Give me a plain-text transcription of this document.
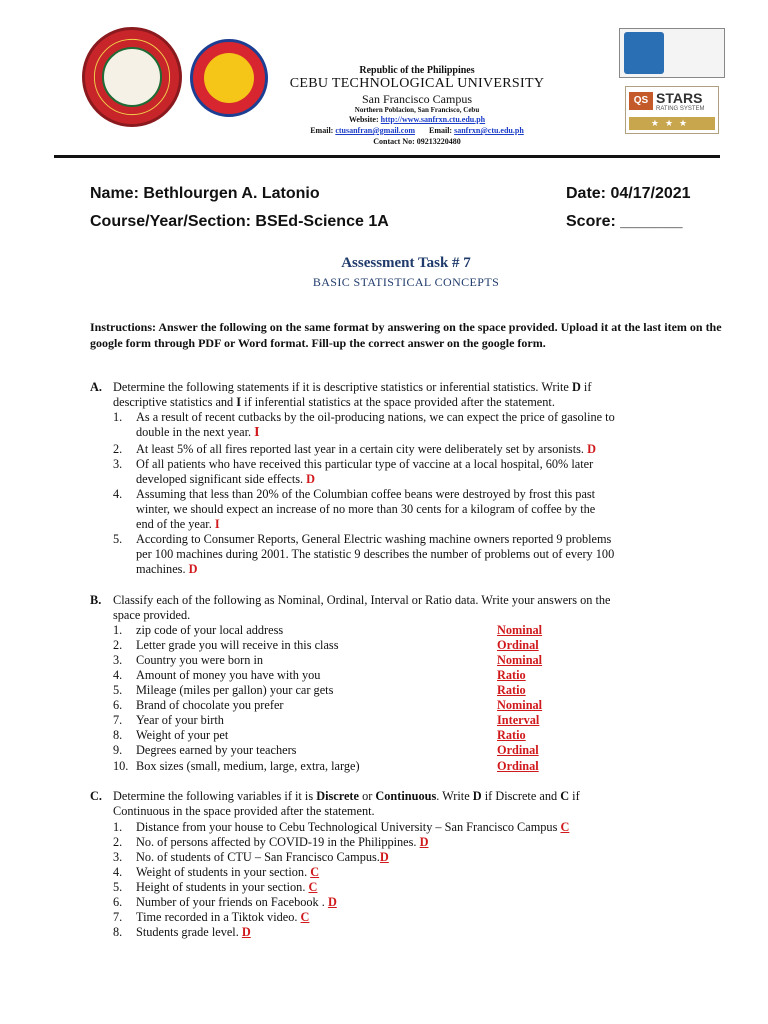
QS STARS
RATING SYSTEM
★★★
Republic of the Philippines
CEBU TECHNOLOGICAL UNIVERSITY
San Francisco Campus
Northern Poblacion, San Francisco, Cebu
Website: http://www.sanfrxn.ctu.edu.ph
Email: ctusanfran@gmail.com Email: sanfrxn@ctu.edu.ph
Contact No: 09213220480
Name: Bethlourgen A. Latonio	Date: 04/17/2021
Course/Year/Section: BSEd-Science 1A	Score: _______
Assessment Task # 7
BASIC STATISTICAL CONCEPTS
Instructions: Answer the following on the same format by answering on the space provided. Upload it at the last item on the google form through PDF or Word format. Fill-up the correct answer on the google form.
A. Determine the following statements if it is descriptive statistics or inferential statistics. Write D if
descriptive statistics and I if inferential statistics at the space provided after the statement.
1. As a result of recent cutbacks by the oil-producing nations, we can expect the price of gasoline to
double in the next year. I
2. At least 5% of all fires reported last year in a certain city were deliberately set by arsonists. D
3. Of all patients who have received this particular type of vaccine at a local hospital, 60% later
developed significant side effects. D
4. Assuming that less than 20% of the Columbian coffee beans were destroyed by frost this past
winter, we should expect an increase of no more than 30 cents for a kilogram of coffee by the
end of the year. I
5. According to Consumer Reports, General Electric washing machine owners reported 9 problems
per 100 machines during 2001. The statistic 9 describes the number of problems out of every 100
machines. D
B. Classify each of the following as Nominal, Ordinal, Interval or Ratio data. Write your answers on the
space provided.
1. zip code of your local address	Nominal
2. Letter grade you will receive in this class	Ordinal
3. Country you were born in	Nominal
4. Amount of money you have with you	Ratio
5. Mileage (miles per gallon) your car gets	Ratio
6. Brand of chocolate you prefer	Nominal
7. Year of your birth	Interval
8. Weight of your pet	Ratio
9. Degrees earned by your teachers	Ordinal
10. Box sizes (small, medium, large, extra, large)	Ordinal
C. Determine the following variables if it is Discrete or Continuous. Write D if Discrete and C if
Continuous in the space provided after the statement.
1. Distance from your house to Cebu Technological University – San Francisco Campus C
2. No. of persons affected by COVID-19 in the Philippines. D
3. No. of students of CTU – San Francisco Campus.D
4. Weight of students in your section. C
5. Height of students in your section. C
6. Number of your friends on Facebook . D
7. Time recorded in a Tiktok video. C
8. Students grade level. D
